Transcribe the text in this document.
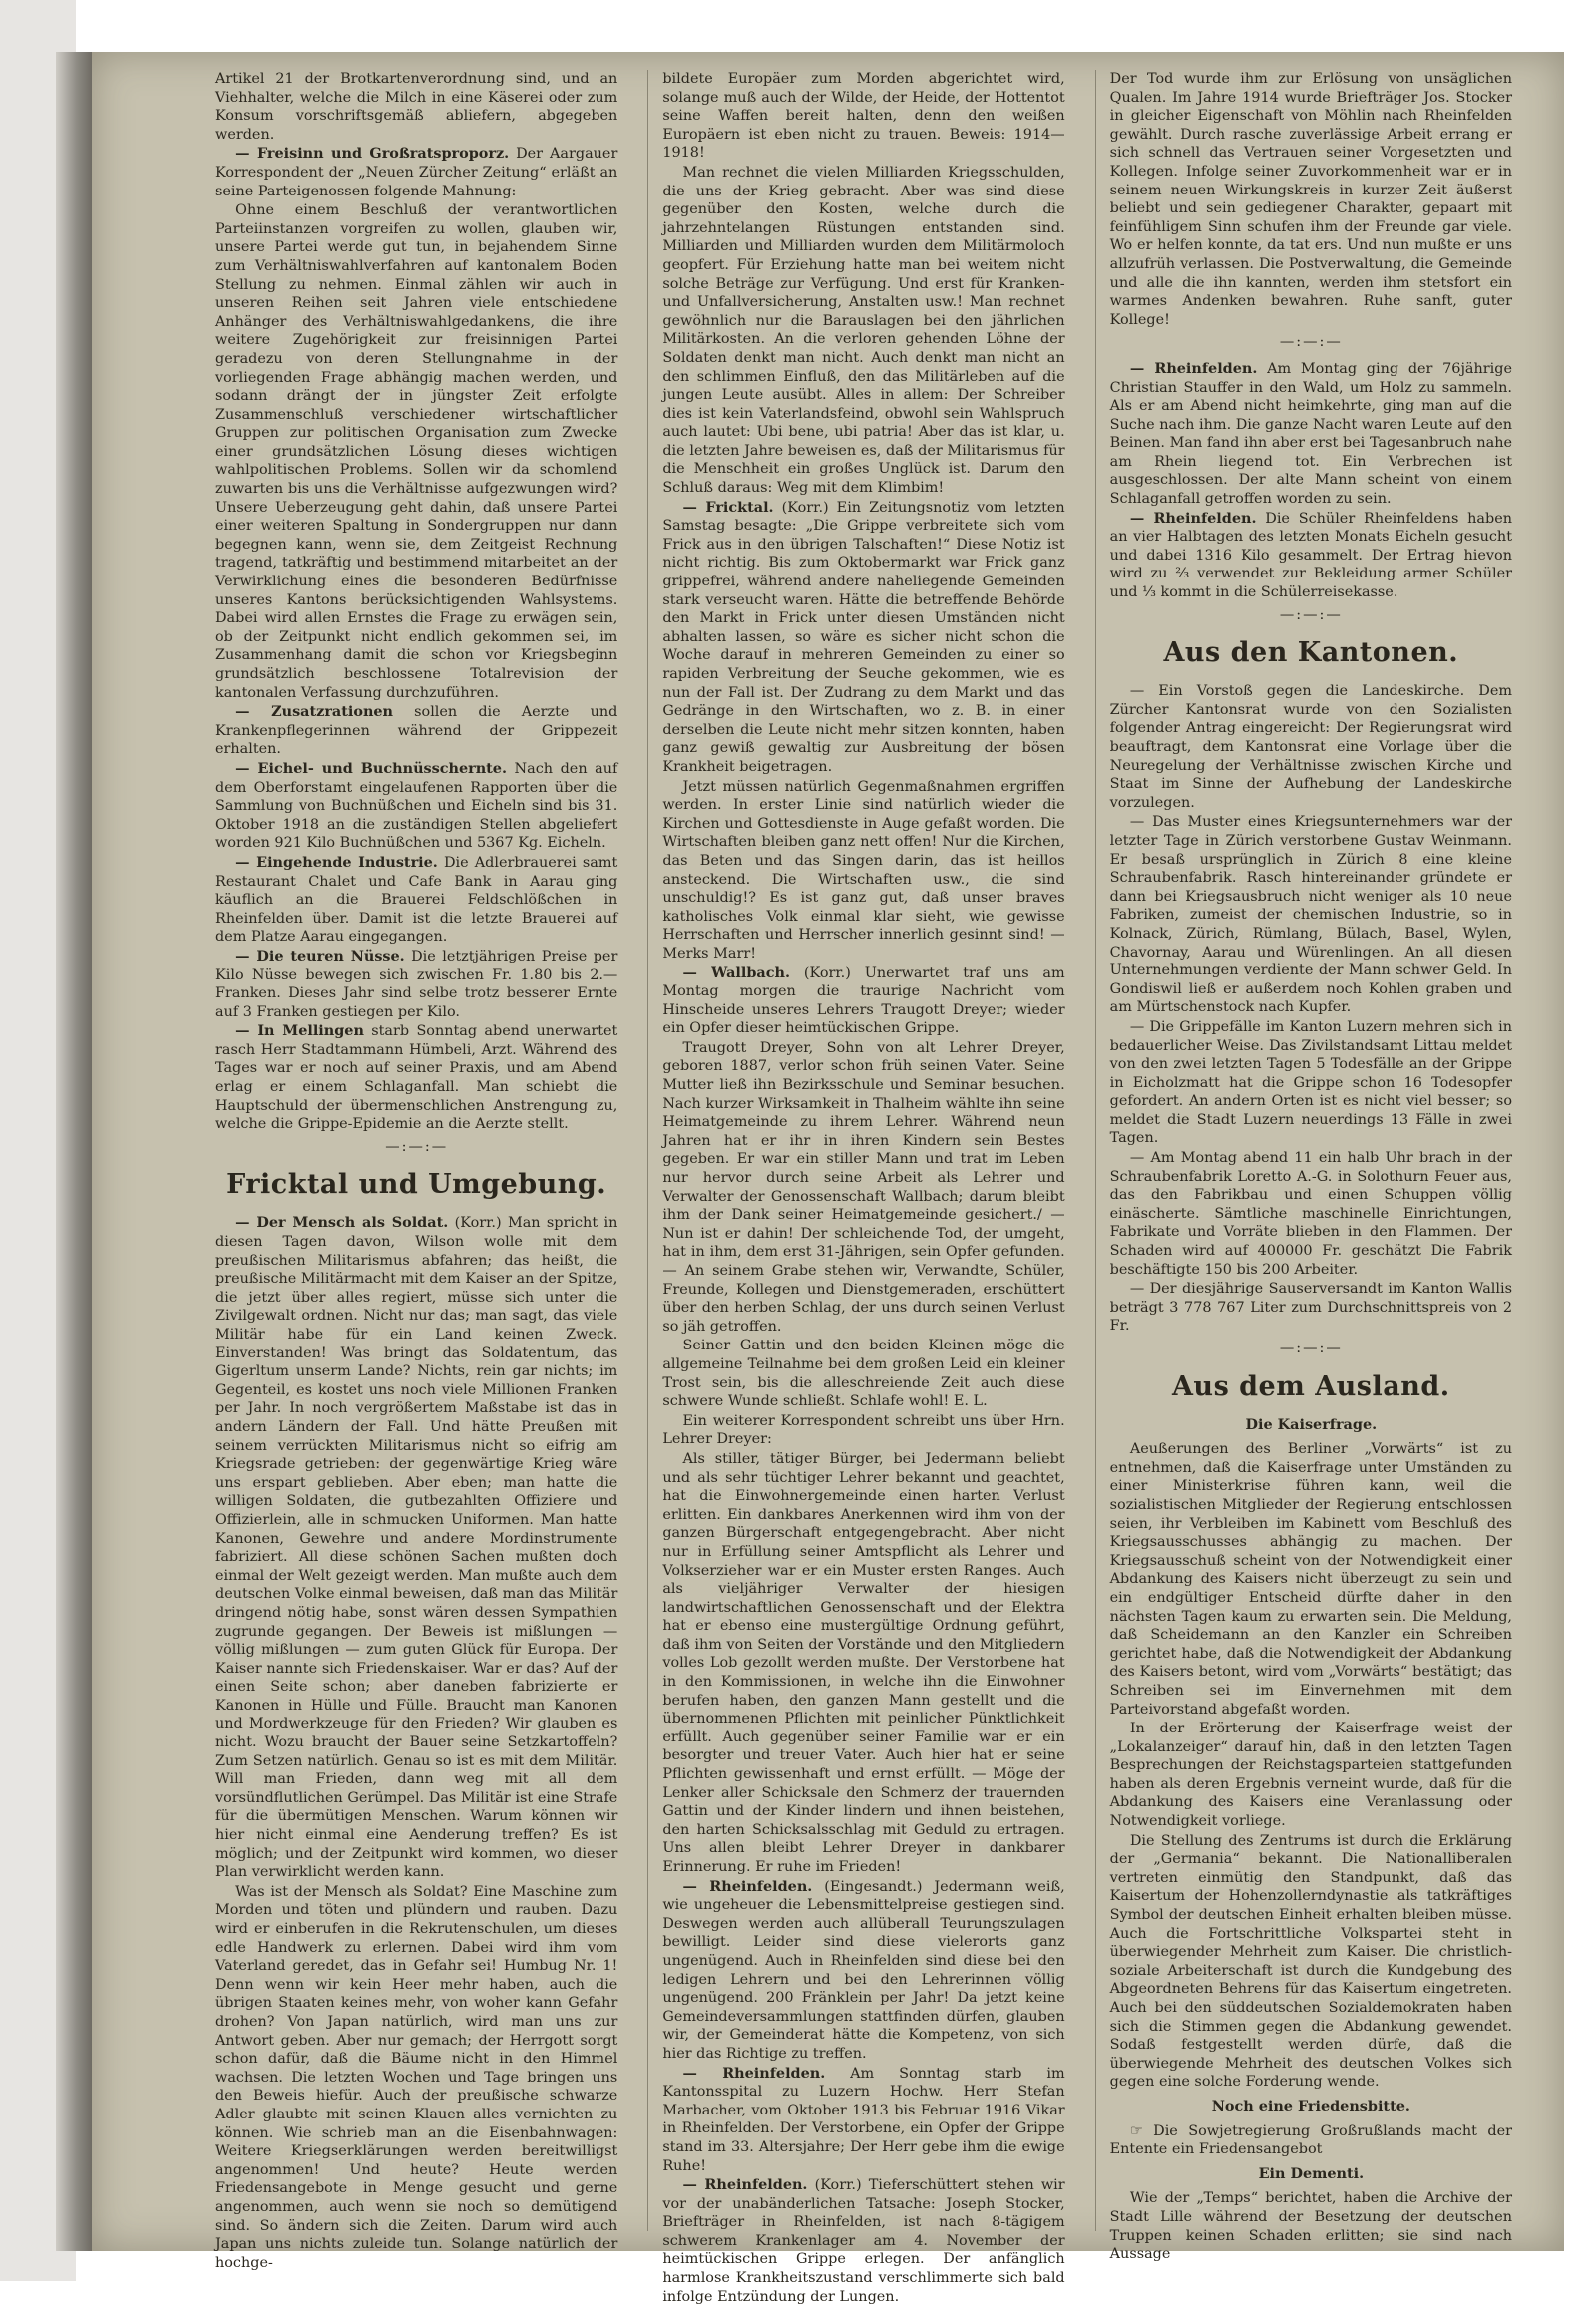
Artikel 21 der Brotkartenverordnung sind, und an Viehhalter, welche die Milch in eine Käserei oder zum Konsum vorschriftsgemäß abliefern, abgegeben werden.

— Freisinn und Großratsproporz. Der Aargauer Korrespondent der „Neuen Zürcher Zeitung“ erläßt an seine Parteigenossen folgende Mahnung:

Ohne einem Beschluß der verantwortlichen Parteiinstanzen vorgreifen zu wollen, glauben wir, unsere Partei werde gut tun, in bejahendem Sinne zum Verhältniswahlverfahren auf kantonalem Boden Stellung zu nehmen. Einmal zählen wir auch in unseren Reihen seit Jahren viele entschiedene Anhänger des Verhältniswahlgedankens, die ihre weitere Zugehörigkeit zur freisinnigen Partei geradezu von deren Stellungnahme in der vorliegenden Frage abhängig machen werden, und sodann drängt der in jüngster Zeit erfolgte Zusammenschluß verschiedener wirtschaftlicher Gruppen zur politischen Organisation zum Zwecke einer grundsätzlichen Lösung dieses wichtigen wahlpolitischen Problems. Sollen wir da schomlend zuwarten bis uns die Verhältnisse aufgezwungen wird? Unsere Ueberzeugung geht dahin, daß unsere Partei einer weiteren Spaltung in Sondergruppen nur dann begegnen kann, wenn sie, dem Zeitgeist Rechnung tragend, tatkräftig und bestimmend mitarbeitet an der Verwirklichung eines die besonderen Bedürfnisse unseres Kantons berücksichtigenden Wahlsystems. Dabei wird allen Ernstes die Frage zu erwägen sein, ob der Zeitpunkt nicht endlich gekommen sei, im Zusammenhang damit die schon vor Kriegsbeginn grundsätzlich beschlossene Totalrevision der kantonalen Verfassung durchzuführen.

— Zusatzrationen sollen die Aerzte und Krankenpflegerinnen während der Grippezeit erhalten.

— Eichel- und Buchnüsschernte. Nach den auf dem Oberforstamt eingelaufenen Rapporten über die Sammlung von Buchnüßchen und Eicheln sind bis 31. Oktober 1918 an die zuständigen Stellen abgeliefert worden 921 Kilo Buchnüßchen und 5367 Kg. Eicheln.

— Eingehende Industrie. Die Adlerbrauerei samt Restaurant Chalet und Cafe Bank in Aarau ging käuflich an die Brauerei Feldschlößchen in Rheinfelden über. Damit ist die letzte Brauerei auf dem Platze Aarau eingegangen.

— Die teuren Nüsse. Die letztjährigen Preise per Kilo Nüsse bewegen sich zwischen Fr. 1.80 bis 2.— Franken. Dieses Jahr sind selbe trotz besserer Ernte auf 3 Franken gestiegen per Kilo.

— In Mellingen starb Sonntag abend unerwartet rasch Herr Stadtammann Hümbeli, Arzt. Während des Tages war er noch auf seiner Praxis, und am Abend erlag er einem Schlaganfall. Man schiebt die Hauptschuld der übermenschlichen Anstrengung zu, welche die Grippe-Epidemie an die Aerzte stellt.

—:—:—
Fricktal und Umgebung.

— Der Mensch als Soldat. (Korr.) Man spricht in diesen Tagen davon, Wilson wolle mit dem preußischen Militarismus abfahren; das heißt, die preußische Militärmacht mit dem Kaiser an der Spitze, die jetzt über alles regiert, müsse sich unter die Zivilgewalt ordnen. Nicht nur das; man sagt, das viele Militär habe für ein Land keinen Zweck. Einverstanden! Was bringt das Soldatentum, das Gigerltum unserm Lande? Nichts, rein gar nichts; im Gegenteil, es kostet uns noch viele Millionen Franken per Jahr. In noch vergrößertem Maßstabe ist das in andern Ländern der Fall. Und hätte Preußen mit seinem verrückten Militarismus nicht so eifrig am Kriegsrade getrieben: der gegenwärtige Krieg wäre uns erspart geblieben. Aber eben; man hatte die willigen Soldaten, die gutbezahlten Offiziere und Offizierlein, alle in schmucken Uniformen. Man hatte Kanonen, Gewehre und andere Mordinstrumente fabriziert. All diese schönen Sachen mußten doch einmal der Welt gezeigt werden. Man mußte auch dem deutschen Volke einmal beweisen, daß man das Militär dringend nötig habe, sonst wären dessen Sympathien zugrunde gegangen. Der Beweis ist mißlungen — völlig mißlungen — zum guten Glück für Europa. Der Kaiser nannte sich Friedenskaiser. War er das? Auf der einen Seite schon; aber daneben fabrizierte er Kanonen in Hülle und Fülle. Braucht man Kanonen und Mordwerkzeuge für den Frieden? Wir glauben es nicht. Wozu braucht der Bauer seine Setzkartoffeln? Zum Setzen natürlich. Genau so ist es mit dem Militär. Will man Frieden, dann weg mit all dem vorsündflutlichen Gerümpel. Das Militär ist eine Strafe für die übermütigen Menschen. Warum können wir hier nicht einmal eine Aenderung treffen? Es ist möglich; und der Zeitpunkt wird kommen, wo dieser Plan verwirklicht werden kann.

Was ist der Mensch als Soldat? Eine Maschine zum Morden und töten und plündern und rauben. Dazu wird er einberufen in die Rekrutenschulen, um dieses edle Handwerk zu erlernen. Dabei wird ihm vom Vaterland geredet, das in Gefahr sei! Humbug Nr. 1! Denn wenn wir kein Heer mehr haben, auch die übrigen Staaten keines mehr, von woher kann Gefahr drohen? Von Japan natürlich, wird man uns zur Antwort geben. Aber nur gemach; der Herrgott sorgt schon dafür, daß die Bäume nicht in den Himmel wachsen. Die letzten Wochen und Tage bringen uns den Beweis hiefür. Auch der preußische schwarze Adler glaubte mit seinen Klauen alles vernichten zu können. Wie schrieb man an die Eisenbahnwagen: Weitere Kriegserklärungen werden bereitwilligst angenommen! Und heute? Heute werden Friedensangebote in Menge gesucht und gerne angenommen, auch wenn sie noch so demütigend sind. So ändern sich die Zeiten. Darum wird auch Japan uns nichts zuleide tun. Solange natürlich der hochge-

bildete Europäer zum Morden abgerichtet wird, solange muß auch der Wilde, der Heide, der Hottentot seine Waffen bereit halten, denn den weißen Europäern ist eben nicht zu trauen. Beweis: 1914—1918!

Man rechnet die vielen Milliarden Kriegsschulden, die uns der Krieg gebracht. Aber was sind diese gegenüber den Kosten, welche durch die jahrzehntelangen Rüstungen entstanden sind. Milliarden und Milliarden wurden dem Militärmoloch geopfert. Für Erziehung hatte man bei weitem nicht solche Beträge zur Verfügung. Und erst für Kranken- und Unfallversicherung, Anstalten usw.! Man rechnet gewöhnlich nur die Barauslagen bei den jährlichen Militärkosten. An die verloren gehenden Löhne der Soldaten denkt man nicht. Auch denkt man nicht an den schlimmen Einfluß, den das Militärleben auf die jungen Leute ausübt. Alles in allem: Der Schreiber dies ist kein Vaterlandsfeind, obwohl sein Wahlspruch auch lautet: Ubi bene, ubi patria! Aber das ist klar, u. die letzten Jahre beweisen es, daß der Militarismus für die Menschheit ein großes Unglück ist. Darum den Schluß daraus: Weg mit dem Klimbim!

— Fricktal. (Korr.) Ein Zeitungsnotiz vom letzten Samstag besagte: „Die Grippe verbreitete sich vom Frick aus in den übrigen Talschaften!“ Diese Notiz ist nicht richtig. Bis zum Oktobermarkt war Frick ganz grippefrei, während andere naheliegende Gemeinden stark verseucht waren. Hätte die betreffende Behörde den Markt in Frick unter diesen Umständen nicht abhalten lassen, so wäre es sicher nicht schon die Woche darauf in mehreren Gemeinden zu einer so rapiden Verbreitung der Seuche gekommen, wie es nun der Fall ist. Der Zudrang zu dem Markt und das Gedränge in den Wirtschaften, wo z. B. in einer derselben die Leute nicht mehr sitzen konnten, haben ganz gewiß gewaltig zur Ausbreitung der bösen Krankheit beigetragen.

Jetzt müssen natürlich Gegenmaßnahmen ergriffen werden. In erster Linie sind natürlich wieder die Kirchen und Gottesdienste in Auge gefaßt worden. Die Wirtschaften bleiben ganz nett offen! Nur die Kirchen, das Beten und das Singen darin, das ist heillos ansteckend. Die Wirtschaften usw., die sind unschuldig!? Es ist ganz gut, daß unser braves katholisches Volk einmal klar sieht, wie gewisse Herrschaften und Herrscher innerlich gesinnt sind! — Merks Marr!

— Wallbach. (Korr.) Unerwartet traf uns am Montag morgen die traurige Nachricht vom Hinscheide unseres Lehrers Traugott Dreyer; wieder ein Opfer dieser heimtückischen Grippe.

Traugott Dreyer, Sohn von alt Lehrer Dreyer, geboren 1887, verlor schon früh seinen Vater. Seine Mutter ließ ihn Bezirksschule und Seminar besuchen. Nach kurzer Wirksamkeit in Thalheim wählte ihn seine Heimatgemeinde zu ihrem Lehrer. Während neun Jahren hat er ihr in ihren Kindern sein Bestes gegeben. Er war ein stiller Mann und trat im Leben nur hervor durch seine Arbeit als Lehrer und Verwalter der Genossenschaft Wallbach; darum bleibt ihm der Dank seiner Heimatgemeinde gesichert./ — Nun ist er dahin! Der schleichende Tod, der umgeht, hat in ihm, dem erst 31-Jährigen, sein Opfer gefunden. — An seinem Grabe stehen wir, Verwandte, Schüler, Freunde, Kollegen und Dienstgemeraden, erschüttert über den herben Schlag, der uns durch seinen Verlust so jäh getroffen.

Seiner Gattin und den beiden Kleinen möge die allgemeine Teilnahme bei dem großen Leid ein kleiner Trost sein, bis die alleschreiende Zeit auch diese schwere Wunde schließt. Schlafe wohl! E. L.

Ein weiterer Korrespondent schreibt uns über Hrn. Lehrer Dreyer:

Als stiller, tätiger Bürger, bei Jedermann beliebt und als sehr tüchtiger Lehrer bekannt und geachtet, hat die Einwohnergemeinde einen harten Verlust erlitten. Ein dankbares Anerkennen wird ihm von der ganzen Bürgerschaft entgegengebracht. Aber nicht nur in Erfüllung seiner Amtspflicht als Lehrer und Volkserzieher war er ein Muster ersten Ranges. Auch als vieljähriger Verwalter der hiesigen landwirtschaftlichen Genossenschaft und der Elektra hat er ebenso eine mustergültige Ordnung geführt, daß ihm von Seiten der Vorstände und den Mitgliedern volles Lob gezollt werden mußte. Der Verstorbene hat in den Kommissionen, in welche ihn die Einwohner berufen haben, den ganzen Mann gestellt und die übernommenen Pflichten mit peinlicher Pünktlichkeit erfüllt. Auch gegenüber seiner Familie war er ein besorgter und treuer Vater. Auch hier hat er seine Pflichten gewissenhaft und ernst erfüllt. — Möge der Lenker aller Schicksale den Schmerz der trauernden Gattin und der Kinder lindern und ihnen beistehen, den harten Schicksalsschlag mit Geduld zu ertragen. Uns allen bleibt Lehrer Dreyer in dankbarer Erinnerung. Er ruhe im Frieden!

— Rheinfelden. (Eingesandt.) Jedermann weiß, wie ungeheuer die Lebensmittelpreise gestiegen sind. Deswegen werden auch allüberall Teurungszulagen bewilligt. Leider sind diese vielerorts ganz ungenügend. Auch in Rheinfelden sind diese bei den ledigen Lehrern und bei den Lehrerinnen völlig ungenügend. 200 Fränklein per Jahr! Da jetzt keine Gemeindeversammlungen stattfinden dürfen, glauben wir, der Gemeinderat hätte die Kompetenz, von sich hier das Richtige zu treffen.

— Rheinfelden. Am Sonntag starb im Kantonsspital zu Luzern Hochw. Herr Stefan Marbacher, vom Oktober 1913 bis Februar 1916 Vikar in Rheinfelden. Der Verstorbene, ein Opfer der Grippe stand im 33. Altersjahre; Der Herr gebe ihm die ewige Ruhe!

— Rheinfelden. (Korr.) Tieferschüttert stehen wir vor der unabänderlichen Tatsache: Joseph Stocker, Briefträger in Rheinfelden, ist nach 8-tägigem schwerem Krankenlager am 4. November der heimtückischen Grippe erlegen. Der anfänglich harmlose Krankheitszustand verschlimmerte sich bald infolge Entzündung der Lungen.

Der Tod wurde ihm zur Erlösung von unsäglichen Qualen. Im Jahre 1914 wurde Briefträger Jos. Stocker in gleicher Eigenschaft von Möhlin nach Rheinfelden gewählt. Durch rasche zuverlässige Arbeit errang er sich schnell das Vertrauen seiner Vorgesetzten und Kollegen. Infolge seiner Zuvorkommenheit war er in seinem neuen Wirkungskreis in kurzer Zeit äußerst beliebt und sein gediegener Charakter, gepaart mit feinfühligem Sinn schufen ihm der Freunde gar viele. Wo er helfen konnte, da tat ers. Und nun mußte er uns allzufrüh verlassen. Die Postverwaltung, die Gemeinde und alle die ihn kannten, werden ihm stetsfort ein warmes Andenken bewahren. Ruhe sanft, guter Kollege!

—:—:—

— Rheinfelden. Am Montag ging der 76jährige Christian Stauffer in den Wald, um Holz zu sammeln. Als er am Abend nicht heimkehrte, ging man auf die Suche nach ihm. Die ganze Nacht waren Leute auf den Beinen. Man fand ihn aber erst bei Tagesanbruch nahe am Rhein liegend tot. Ein Verbrechen ist ausgeschlossen. Der alte Mann scheint von einem Schlaganfall getroffen worden zu sein.

— Rheinfelden. Die Schüler Rheinfeldens haben an vier Halbtagen des letzten Monats Eicheln gesucht und dabei 1316 Kilo gesammelt. Der Ertrag hievon wird zu ⅔ verwendet zur Bekleidung armer Schüler und ⅓ kommt in die Schülerreisekasse.

—:—:—
Aus den Kantonen.

— Ein Vorstoß gegen die Landeskirche. Dem Zürcher Kantonsrat wurde von den Sozialisten folgender Antrag eingereicht: Der Regierungsrat wird beauftragt, dem Kantonsrat eine Vorlage über die Neuregelung der Verhältnisse zwischen Kirche und Staat im Sinne der Aufhebung der Landeskirche vorzulegen.

— Das Muster eines Kriegsunternehmers war der letzter Tage in Zürich verstorbene Gustav Weinmann. Er besaß ursprünglich in Zürich 8 eine kleine Schraubenfabrik. Rasch hintereinander gründete er dann bei Kriegsausbruch nicht weniger als 10 neue Fabriken, zumeist der chemischen Industrie, so in Kolnack, Zürich, Rümlang, Bülach, Basel, Wylen, Chavornay, Aarau und Würenlingen. An all diesen Unternehmungen verdiente der Mann schwer Geld. In Gondiswil ließ er außerdem noch Kohlen graben und am Mürtschenstock nach Kupfer.

— Die Grippefälle im Kanton Luzern mehren sich in bedauerlicher Weise. Das Zivilstandsamt Littau meldet von den zwei letzten Tagen 5 Todesfälle an der Grippe in Eicholzmatt hat die Grippe schon 16 Todesopfer gefordert. An andern Orten ist es nicht viel besser; so meldet die Stadt Luzern neuerdings 13 Fälle in zwei Tagen.

— Am Montag abend 11 ein halb Uhr brach in der Schraubenfabrik Loretto A.-G. in Solothurn Feuer aus, das den Fabrikbau und einen Schuppen völlig einäscherte. Sämtliche maschinelle Einrichtungen, Fabrikate und Vorräte blieben in den Flammen. Der Schaden wird auf 400000 Fr. geschätzt Die Fabrik beschäftigte 150 bis 200 Arbeiter.

— Der diesjährige Sauserversandt im Kanton Wallis beträgt 3 778 767 Liter zum Durchschnittspreis von 2 Fr.

—:—:—
Aus dem Ausland.
Die Kaiserfrage.

Aeußerungen des Berliner „Vorwärts“ ist zu entnehmen, daß die Kaiserfrage unter Umständen zu einer Ministerkrise führen kann, weil die sozialistischen Mitglieder der Regierung entschlossen seien, ihr Verbleiben im Kabinett vom Beschluß des Kriegsausschusses abhängig zu machen. Der Kriegsausschuß scheint von der Notwendigkeit einer Abdankung des Kaisers nicht überzeugt zu sein und ein endgültiger Entscheid dürfte daher in den nächsten Tagen kaum zu erwarten sein. Die Meldung, daß Scheidemann an den Kanzler ein Schreiben gerichtet habe, daß die Notwendigkeit der Abdankung des Kaisers betont, wird vom „Vorwärts“ bestätigt; das Schreiben sei im Einvernehmen mit dem Parteivorstand abgefaßt worden.

In der Erörterung der Kaiserfrage weist der „Lokalanzeiger“ darauf hin, daß in den letzten Tagen Besprechungen der Reichstagsparteien stattgefunden haben als deren Ergebnis verneint wurde, daß für die Abdankung des Kaisers eine Veranlassung oder Notwendigkeit vorliege.

Die Stellung des Zentrums ist durch die Erklärung der „Germania“ bekannt. Die Nationalliberalen vertreten einmütig den Standpunkt, daß das Kaisertum der Hohenzollerndynastie als tatkräftiges Symbol der deutschen Einheit erhalten bleiben müsse. Auch die Fortschrittliche Volkspartei steht in überwiegender Mehrheit zum Kaiser. Die christlich-soziale Arbeiterschaft ist durch die Kundgebung des Abgeordneten Behrens für das Kaisertum eingetreten. Auch bei den süddeutschen Sozialdemokraten haben sich die Stimmen gegen die Abdankung gewendet. Sodaß festgestellt werden dürfe, daß die überwiegende Mehrheit des deutschen Volkes sich gegen eine solche Forderung wende.

Noch eine Friedensbitte.

☞ Die Sowjetregierung Großrußlands macht der Entente ein Friedensangebot

Ein Dementi.

Wie der „Temps“ berichtet, haben die Archive der Stadt Lille während der Besetzung der deutschen Truppen keinen Schaden erlitten; sie sind nach Aussage
